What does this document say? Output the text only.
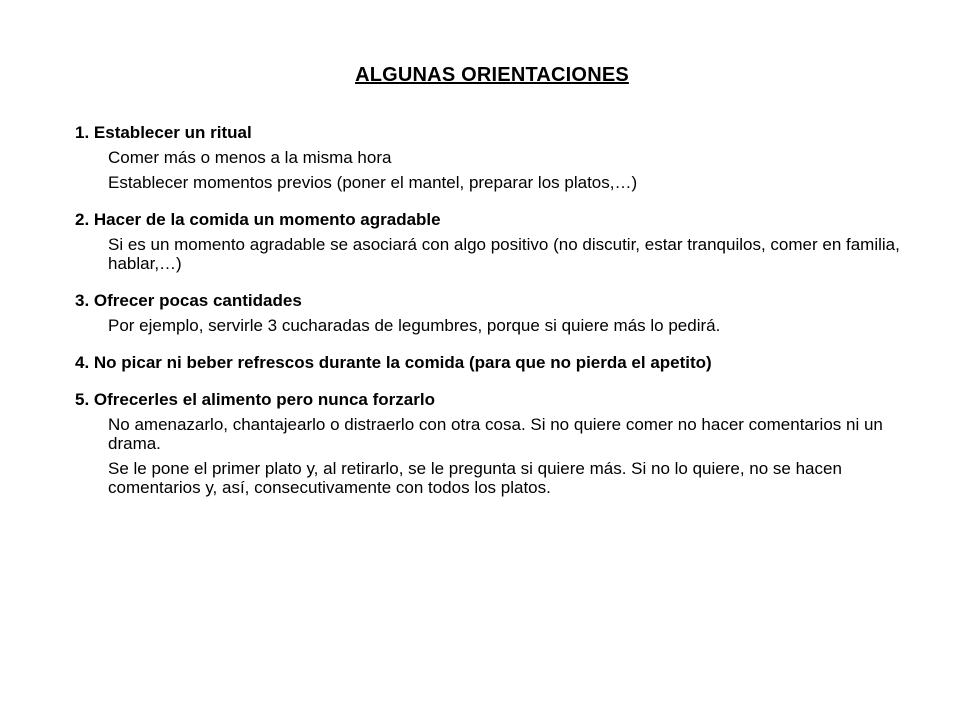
ALGUNAS ORIENTACIONES
1. Establecer un ritual
Comer más o menos a la misma hora
Establecer momentos previos (poner el mantel, preparar los platos,…)
2. Hacer de la comida un momento agradable
Si es un momento agradable se asociará con algo positivo (no discutir, estar tranquilos, comer en familia, hablar,…)
3. Ofrecer pocas cantidades
Por ejemplo, servirle 3 cucharadas de legumbres, porque si quiere más lo pedirá.
4. No picar ni beber refrescos durante la comida (para que no pierda el apetito)
5. Ofrecerles el alimento pero nunca forzarlo
No amenazarlo, chantajearlo o distraerlo con otra cosa. Si no quiere comer no hacer comentarios ni un drama.
Se le pone el primer plato y, al retirarlo, se le pregunta si quiere más. Si no lo quiere, no se hacen comentarios y, así, consecutivamente con todos los platos.
